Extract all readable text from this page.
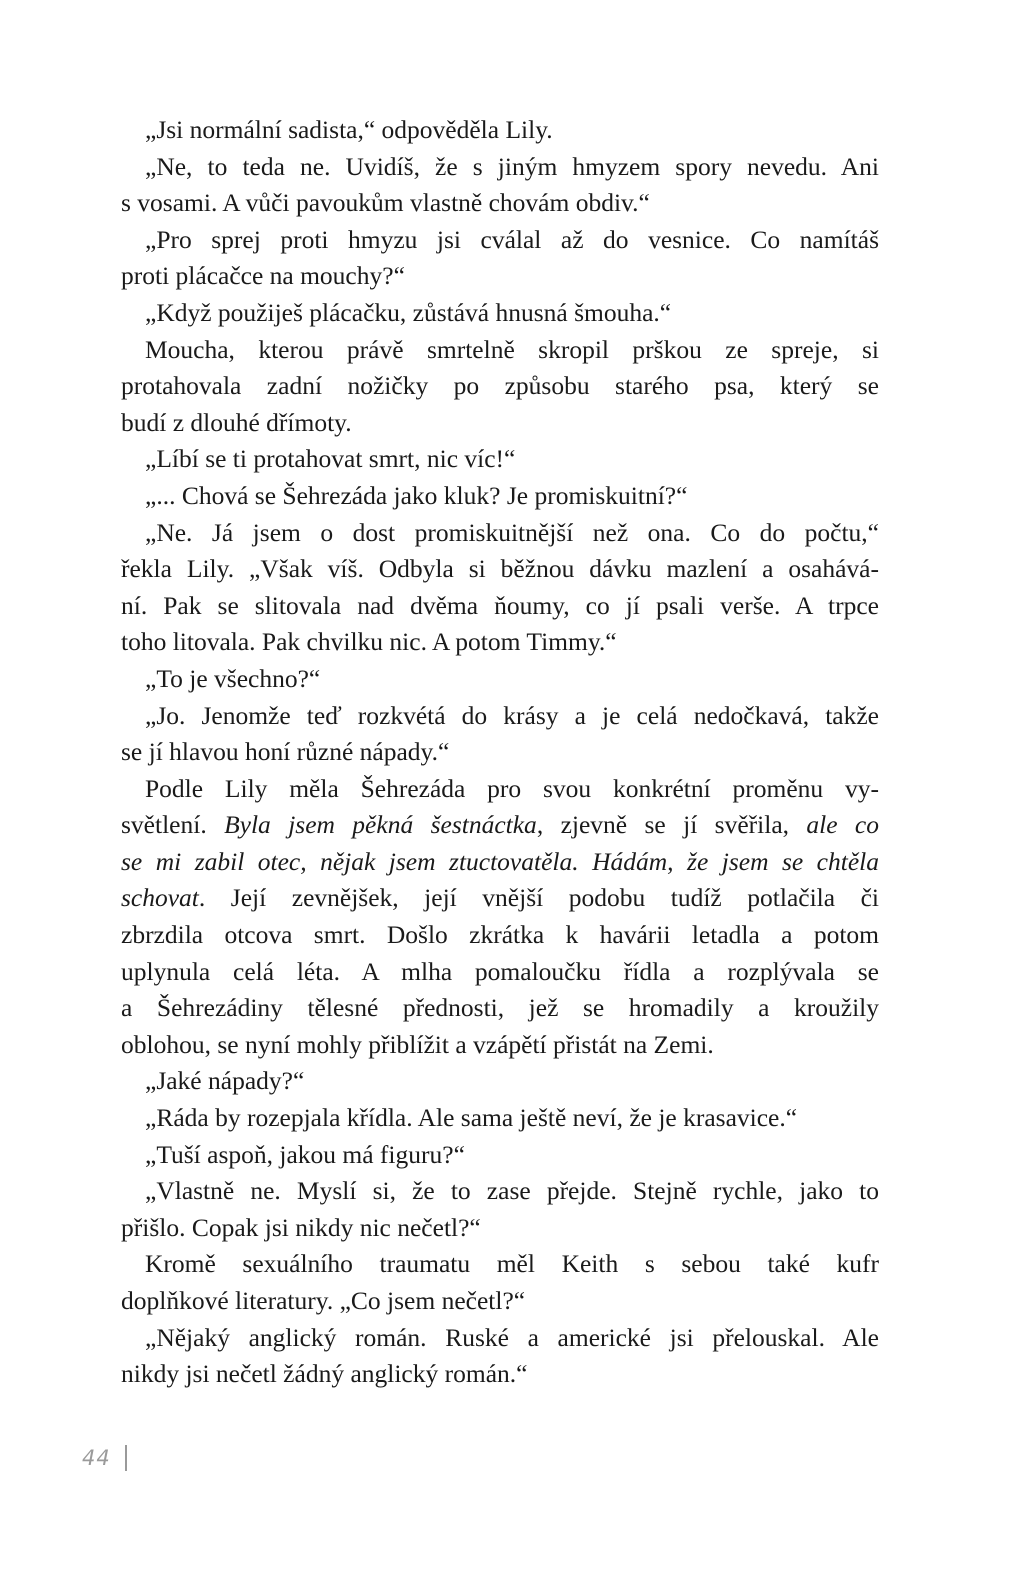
„Jsi normální sadista,“ odpověděla Lily.
„Ne, to teda ne. Uvidíš, že s jiným hmyzem spory nevedu. Ani
s vosami. A vůči pavoukům vlastně chovám obdiv.“
„Pro sprej proti hmyzu jsi cválal až do vesnice. Co namítáš
proti plácačce na mouchy?“
„Když použiješ plácačku, zůstává hnusná šmouha.“
Moucha, kterou právě smrtelně skropil prškou ze spreje, si
protahovala zadní nožičky po způsobu starého psa, který se
budí z dlouhé dřímoty.
„Líbí se ti protahovat smrt, nic víc!“
„... Chová se Šehrezáda jako kluk? Je promiskuitní?“
„Ne. Já jsem o dost promiskuitnější než ona. Co do počtu,“
řekla Lily. „Však víš. Odbyla si běžnou dávku mazlení a osahává-
ní. Pak se slitovala nad dvěma ňoumy, co jí psali verše. A trpce
toho litovala. Pak chvilku nic. A potom Timmy.“
„To je všechno?“
„Jo. Jenomže teď rozkvétá do krásy a je celá nedočkavá, takže
se jí hlavou honí různé nápady.“
Podle Lily měla Šehrezáda pro svou konkrétní proměnu vy-
světlení. Byla jsem pěkná šestnáctka, zjevně se jí svěřila, ale co
se mi zabil otec, nějak jsem ztuctovatěla. Hádám, že jsem se chtěla
schovat. Její zevnějšek, její vnější podobu tudíž potlačila či
zbrzdila otcova smrt. Došlo zkrátka k havárii letadla a potom
uplynula celá léta. A mlha pomaloučku řídla a rozplývala se
a Šehrezádiny tělesné přednosti, jež se hromadily a kroužily
oblohou, se nyní mohly přiblížit a vzápětí přistát na Zemi.
„Jaké nápady?“
„Ráda by rozepjala křídla. Ale sama ještě neví, že je krasavice.“
„Tuší aspoň, jakou má figuru?“
„Vlastně ne. Myslí si, že to zase přejde. Stejně rychle, jako to
přišlo. Copak jsi nikdy nic nečetl?“
Kromě sexuálního traumatu měl Keith s sebou také kufr
doplňkové literatury. „Co jsem nečetl?“
„Nějaký anglický román. Ruské a americké jsi přelouskal. Ale
nikdy jsi nečetl žádný anglický román.“
44
